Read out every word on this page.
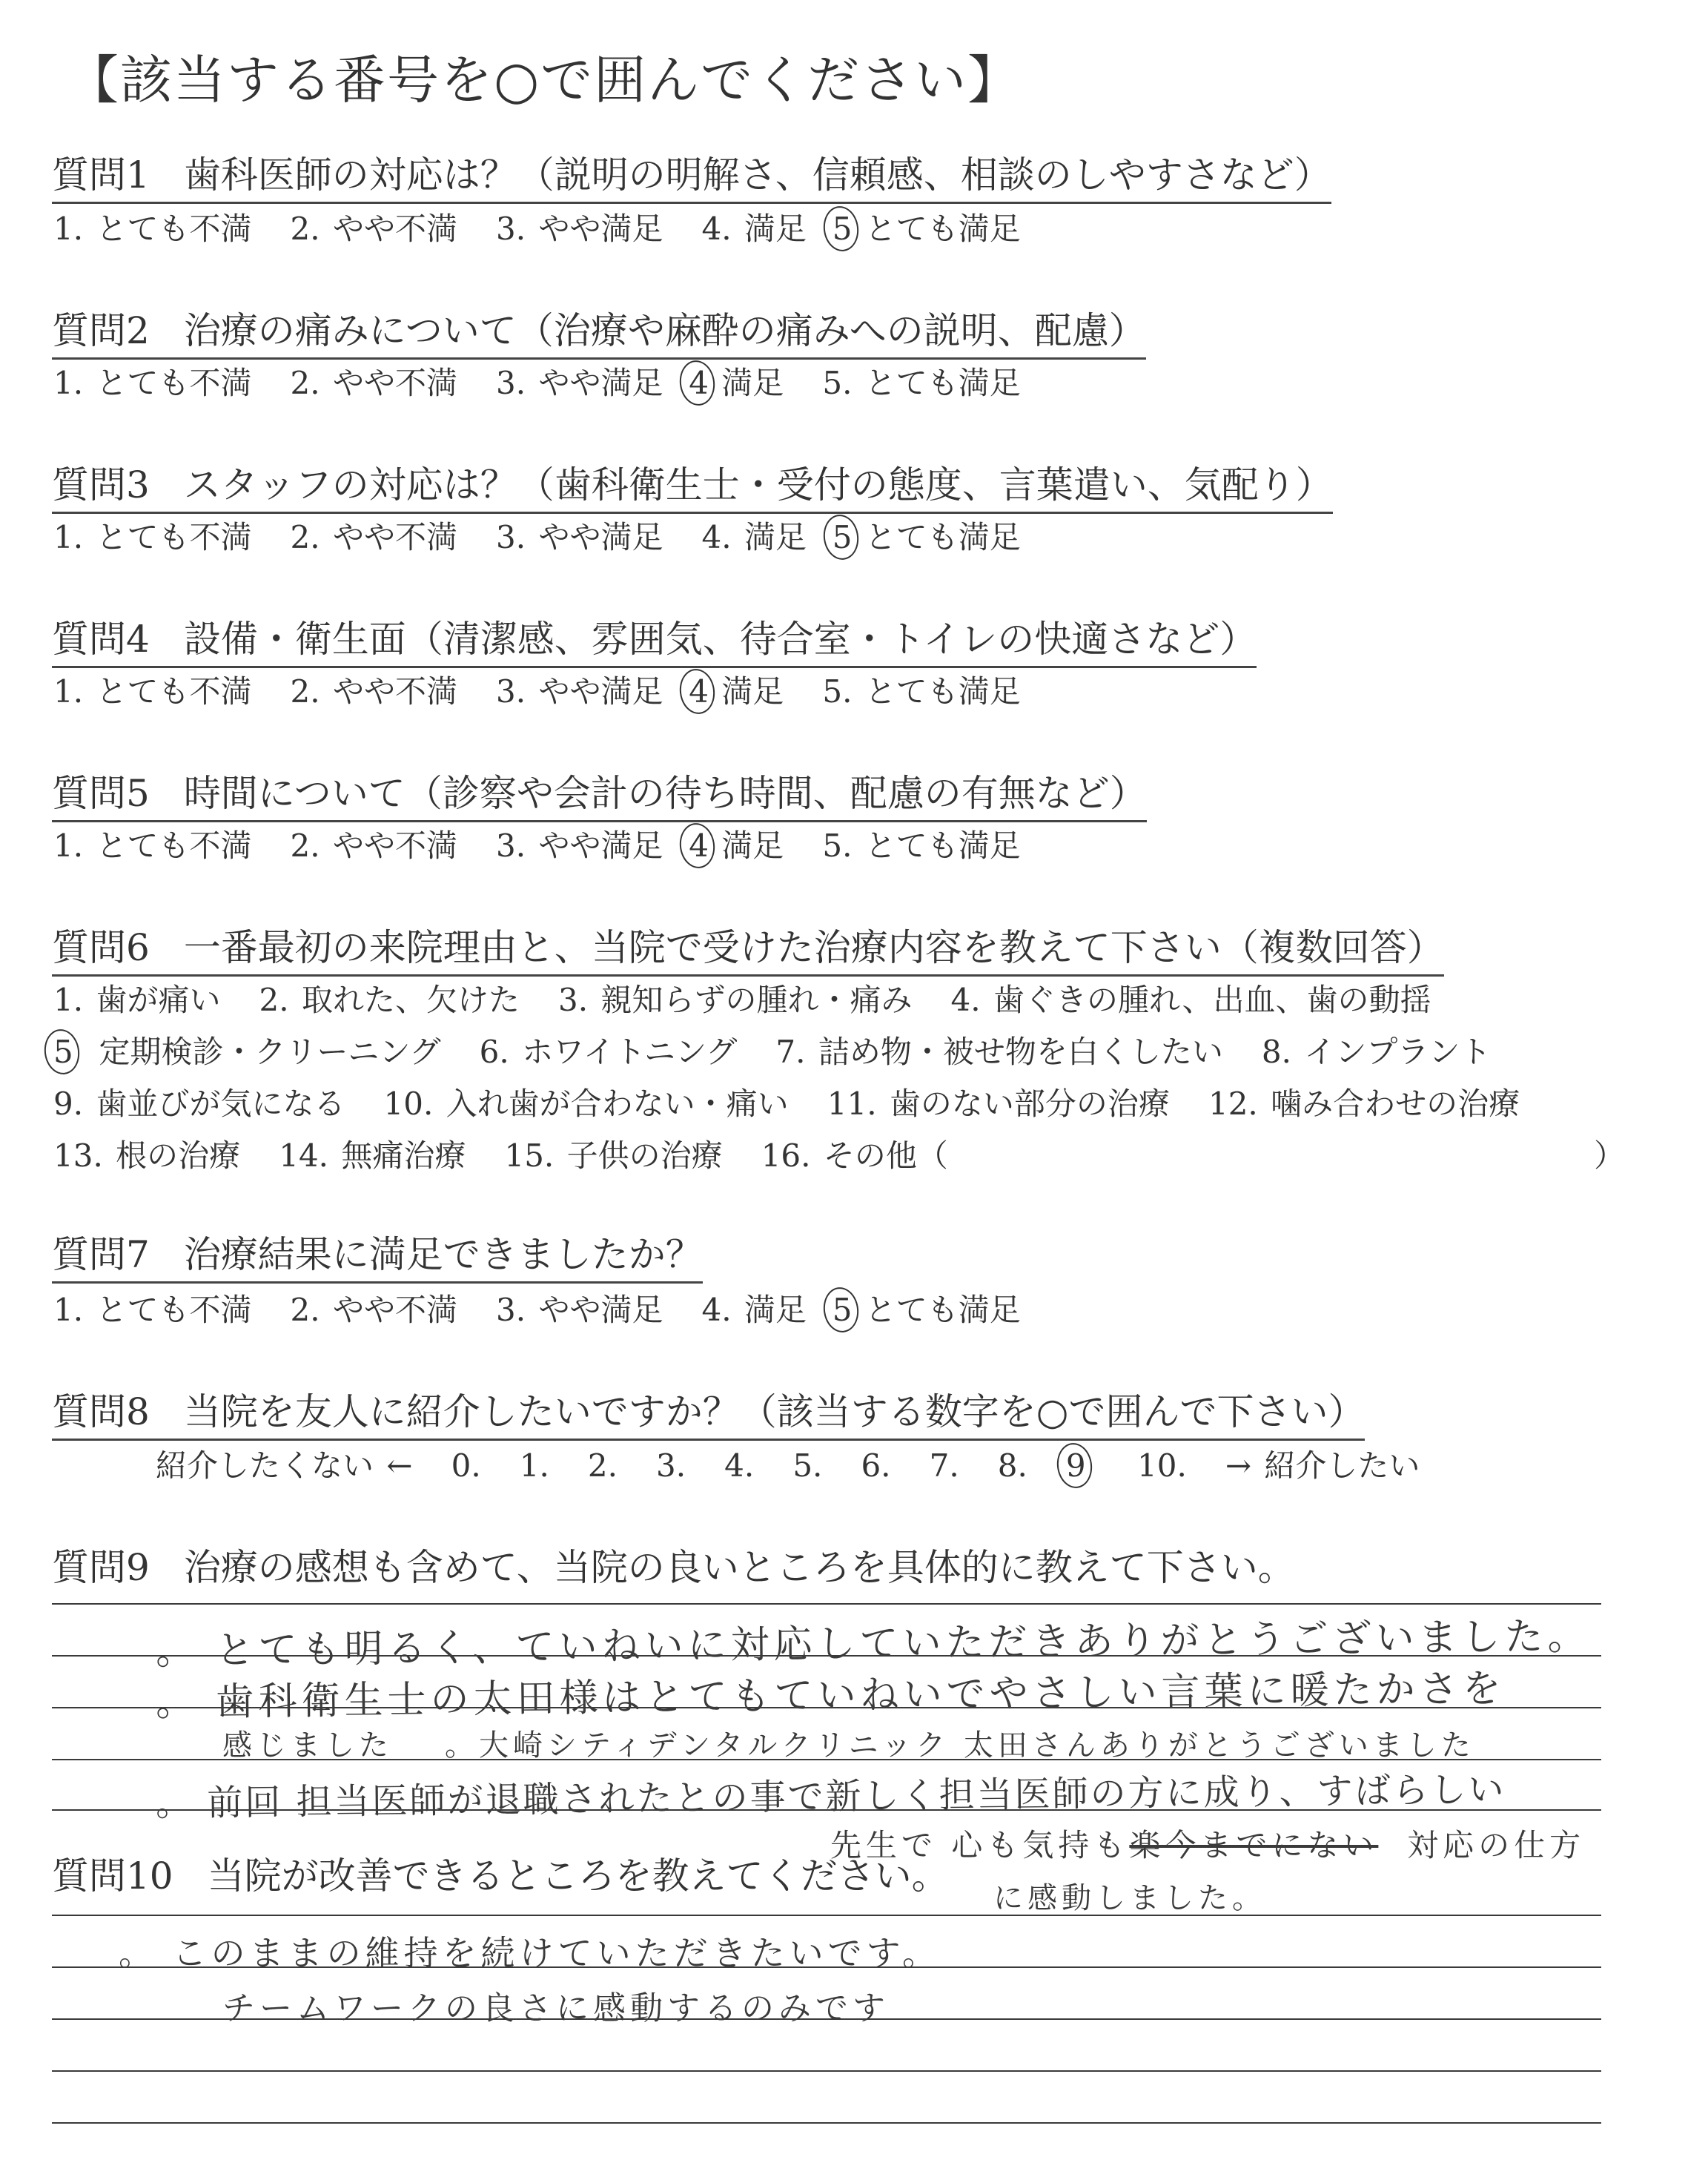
【該当する番号を○で囲んでください】
質問1 歯科医師の対応は？（説明の明解さ、信頼感、相談のしやすさなど）
1. とても不満 2. やや不満 3. やや満足 4. 満足 5 とても満足
質問2 治療の痛みについて（治療や麻酔の痛みへの説明、配慮）
1. とても不満 2. やや不満 3. やや満足 4 満足 5. とても満足
質問3 スタッフの対応は？（歯科衛生士・受付の態度、言葉遣い、気配り）
1. とても不満 2. やや不満 3. やや満足 4. 満足 5 とても満足
質問4 設備・衛生面（清潔感、雰囲気、待合室・トイレの快適さなど）
1. とても不満 2. やや不満 3. やや満足 4 満足 5. とても満足
質問5 時間について（診察や会計の待ち時間、配慮の有無など）
1. とても不満 2. やや不満 3. やや満足 4 満足 5. とても満足
質問6 一番最初の来院理由と、当院で受けた治療内容を教えて下さい（複数回答）
1. 歯が痛い 2. 取れた、欠けた 3. 親知らずの腫れ・痛み 4. 歯ぐきの腫れ、出血、歯の動揺
5 定期検診・クリーニング 6. ホワイトニング 7. 詰め物・被せ物を白くしたい 8. インプラント
9. 歯並びが気になる 10. 入れ歯が合わない・痛い 11. 歯のない部分の治療 12. 噛み合わせの治療
13. 根の治療 14. 無痛治療 15. 子供の治療 16. その他（	）
質問7 治療結果に満足できましたか？
1. とても不満 2. やや不満 3. やや満足 4. 満足 5 とても満足
質問8 当院を友人に紹介したいですか？（該当する数字を○で囲んで下さい）
紹介したくない ← 0. 1. 2. 3. 4. 5. 6. 7. 8. 9 10. → 紹介したい
質問9 治療の感想も含めて、当院の良いところを具体的に教えて下さい。
。 とても明るく、ていねいに対応していただきありがとうございました。
。 歯科衛生士の太田様はとてもていねいでやさしい言葉に暖たかさを
感じました 。大崎シティデンタルクリニック 太田さんありがとうございました
。 前回 担当医師が退職されたとの事で新しく担当医師の方に成り、すばらしい
先生で 心も気持も楽今までにない 対応の仕方
に感動しました。
質問10 当院が改善できるところを教えてください。
。 このままの維持を続けていただきたいです。
チームワークの良さに感動するのみです
